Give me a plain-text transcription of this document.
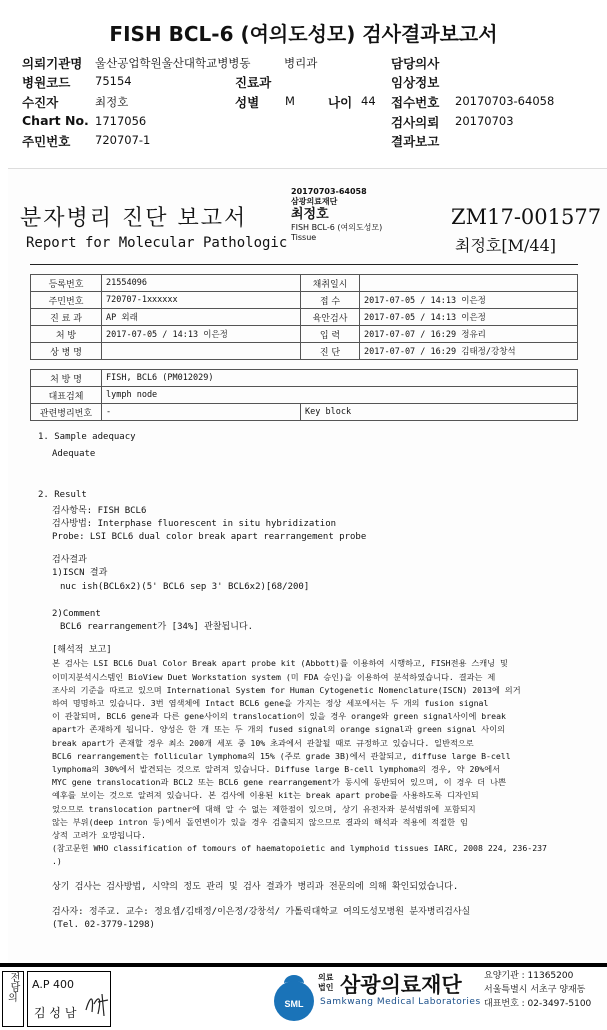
FISH BCL-6 (여의도성모) 검사결과보고서
의뢰기관명 울산공업학원울산대학교병병동	병리과	담당의사
병원코드 75154	진료과	임상정보
수진자	최정호	성별 M	나이 44 접수번호 20170703-64058
Chart No. 1717056	검사의뢰 20170703
주민번호 720707-1	결과보고
분자병리 진단 보고서
Report for Molecular Pathologic
20170703-64058
삼광의료재단
최정호
FISH BCL-6 (여의도성모)
Tissue
ZM17-001577
최정호[M/44]
등록번호	21554096	채취일시	
주민번호	720707-1xxxxxx	접 수	2017-07-05 / 14:13 이은정
진 료 과	AP 외래	육안검사	2017-07-05 / 14:13 이은정
처 방	2017-07-05 / 14:13 이은정	입 력	2017-07-07 / 16:29 정유리
상 병 명		진 단	2017-07-07 / 16:29 김태정/강창석
처 방 명	FISH, BCL6 (PM012029)	
대표검체	lymph node	
관련병리번호	-	Key block
1. Sample adequacy
Adequate
2. Result
검사항목: FISH BCL6
검사방법: Interphase fluorescent in situ hybridization
Probe: LSI BCL6 dual color break apart rearrangement probe
검사결과
1)ISCN 결과
nuc ish(BCL6x2)(5' BCL6 sep 3' BCL6x2)[68/200]
2)Comment
BCL6 rearrangement가 [34%] 관찰됩니다.
[해석적 보고]
본 검사는 LSI BCL6 Dual Color Break apart probe kit (Abbott)를 이용하여 시행하고, FISH전용 스캐닝 및
이미지분석시스템인 BioView Duet Workstation system (미 FDA 승인)을 이용하여 분석하였습니다. 결과는 제
조사의 기준을 따르고 있으며 International System for Human Cytogenetic Nomenclature(ISCN) 2013에 의거
하여 명명하고 있습니다. 3번 염색체에 Intact BCL6 gene을 가지는 정상 세포에서는 두 개의 fusion signal
이 관찰되며, BCL6 gene과 다른 gene사이의 translocation이 있을 경우 orange와 green signal사이에 break
apart가 존재하게 됩니다. 양성은 한 개 또는 두 개의 fused signal의 orange signal과 green signal 사이의
break apart가 존재할 경우 최소 200개 세포 중 10% 초과에서 관찰될 때로 규정하고 있습니다. 일반적으로
BCL6 rearrangement는 follicular lymphoma의 15% (주로 grade 3B)에서 관찰되고, diffuse large B-cell
lymphoma의 30%에서 발견되는 것으로 알려져 있습니다. Diffuse large B-cell lymphoma의 경우, 약 20%에서
MYC gene translocation과 BCL2 또는 BCL6 gene rearrangement가 동시에 동반되어 있으며, 이 경우 더 나쁜
예후를 보이는 것으로 알려져 있습니다. 본 검사에 이용된 kit는 break apart probe를 사용하도록 디자인되
었으므로 translocation partner에 대해 알 수 없는 제한점이 있으며, 상기 유전자좌 분석범위에 포함되지
않는 부위(deep intron 등)에서 돌연변이가 있을 경우 검출되지 않으므로 결과의 해석과 적용에 적절한 임
상적 고려가 요망됩니다.
(참고문헌 WHO classification of tomours of haematopoietic and lymphoid tissues IARC, 2008 224, 236-237
.)
상기 검사는 검사방법, 시약의 정도 관리 및 검사 결과가 병리과 전문의에 의해 확인되었습니다.
검사자: 정주교. 교수: 정요셉/김태정/이은정/강창석/ 가톨릭대학교 여의도성모병원 분자병리검사실
(Tel. 02-3779-1298)
전담
의
A.P 400
김 성 남
SML
의료
법인 삼광의료재단
Samkwang Medical Laboratories
요양기관 : 11365200
서울특별시 서초구 양재동
대표번호 : 02-3497-5100
